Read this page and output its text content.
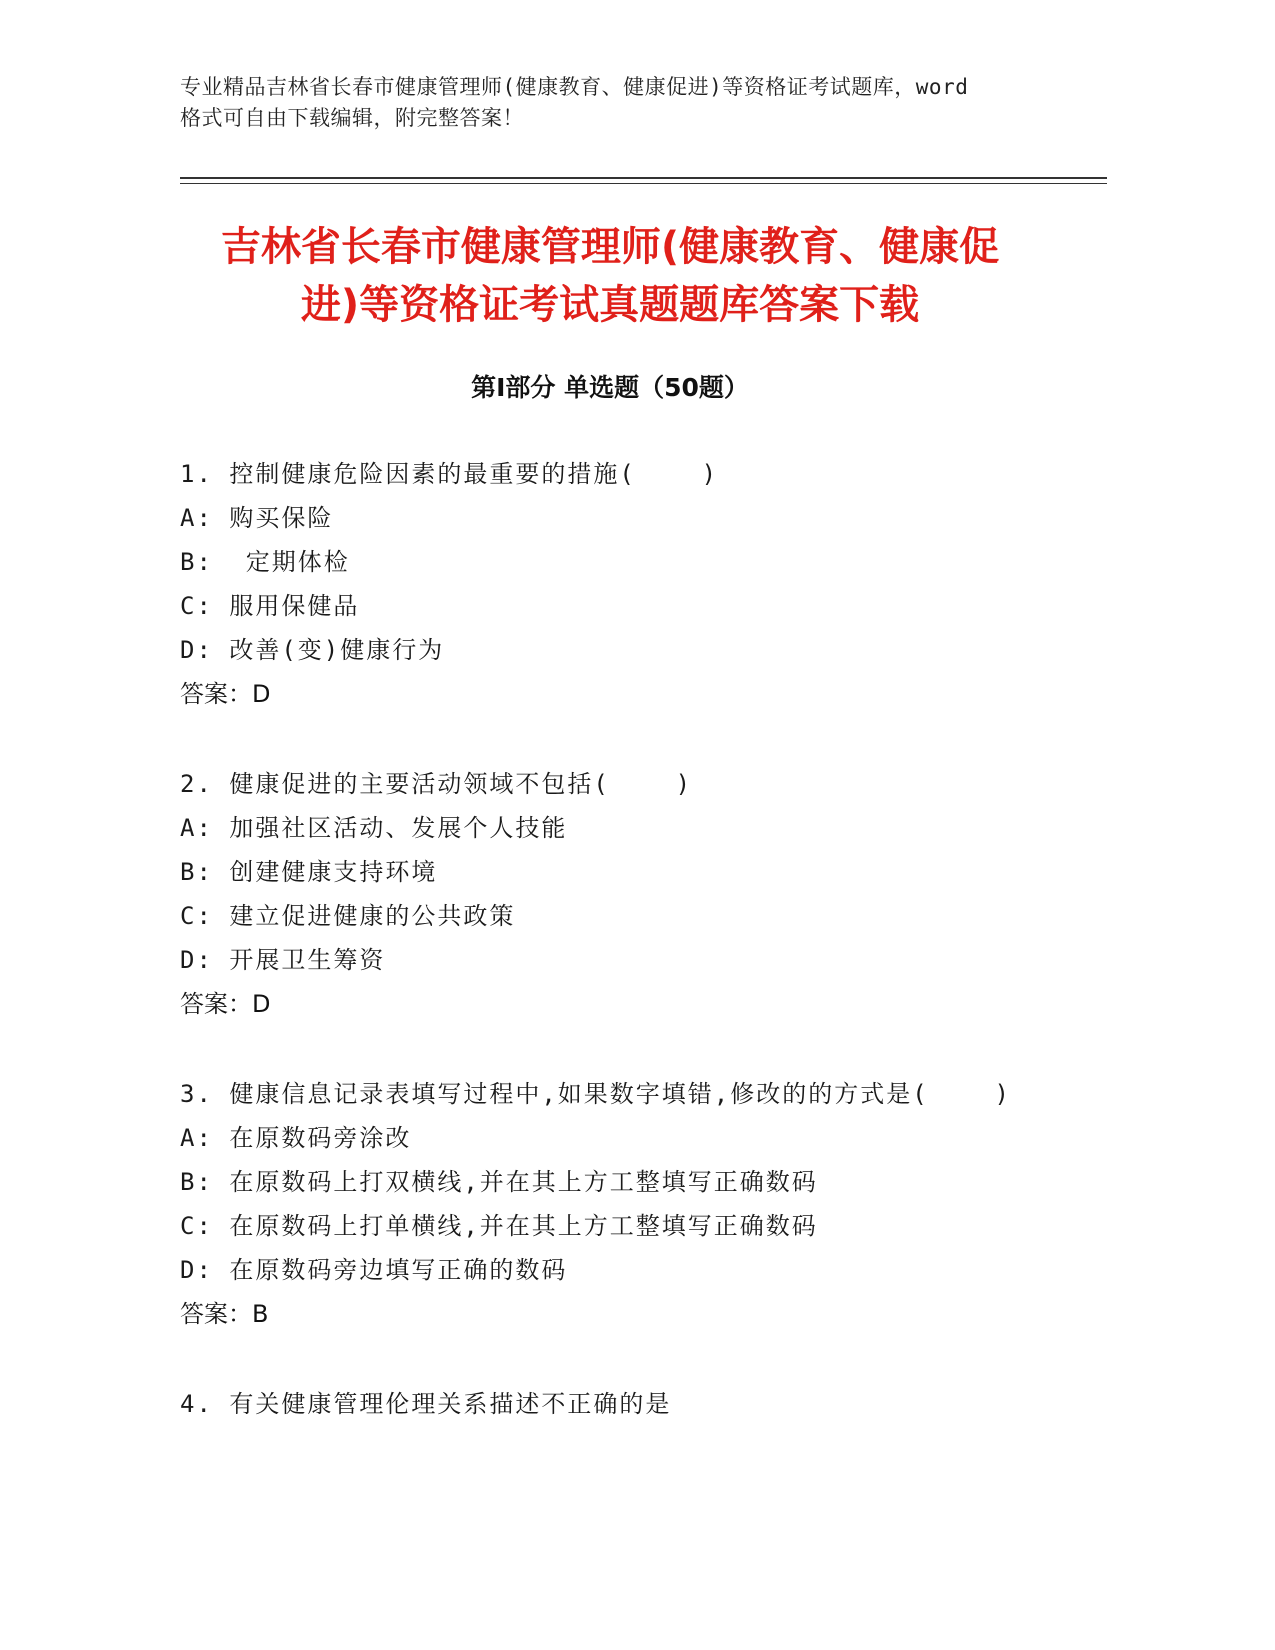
专业精品吉林省长春市健康管理师(健康教育、健康促进)等资格证考试题库，word
格式可自由下载编辑，附完整答案！
吉林省长春市健康管理师(健康教育、健康促
进)等资格证考试真题题库答案下载
第Ⅰ部分 单选题（50题）
1. 控制健康危险因素的最重要的措施(    )
A: 购买保险
B:  定期体检
C: 服用保健品
D: 改善(变)健康行为
答案：D
2. 健康促进的主要活动领域不包括(    )
A: 加强社区活动、发展个人技能
B: 创建健康支持环境
C: 建立促进健康的公共政策
D: 开展卫生筹资
答案：D
3. 健康信息记录表填写过程中,如果数字填错,修改的的方式是(    )
A: 在原数码旁涂改
B: 在原数码上打双横线,并在其上方工整填写正确数码
C: 在原数码上打单横线,并在其上方工整填写正确数码
D: 在原数码旁边填写正确的数码
答案：B
4. 有关健康管理伦理关系描述不正确的是
